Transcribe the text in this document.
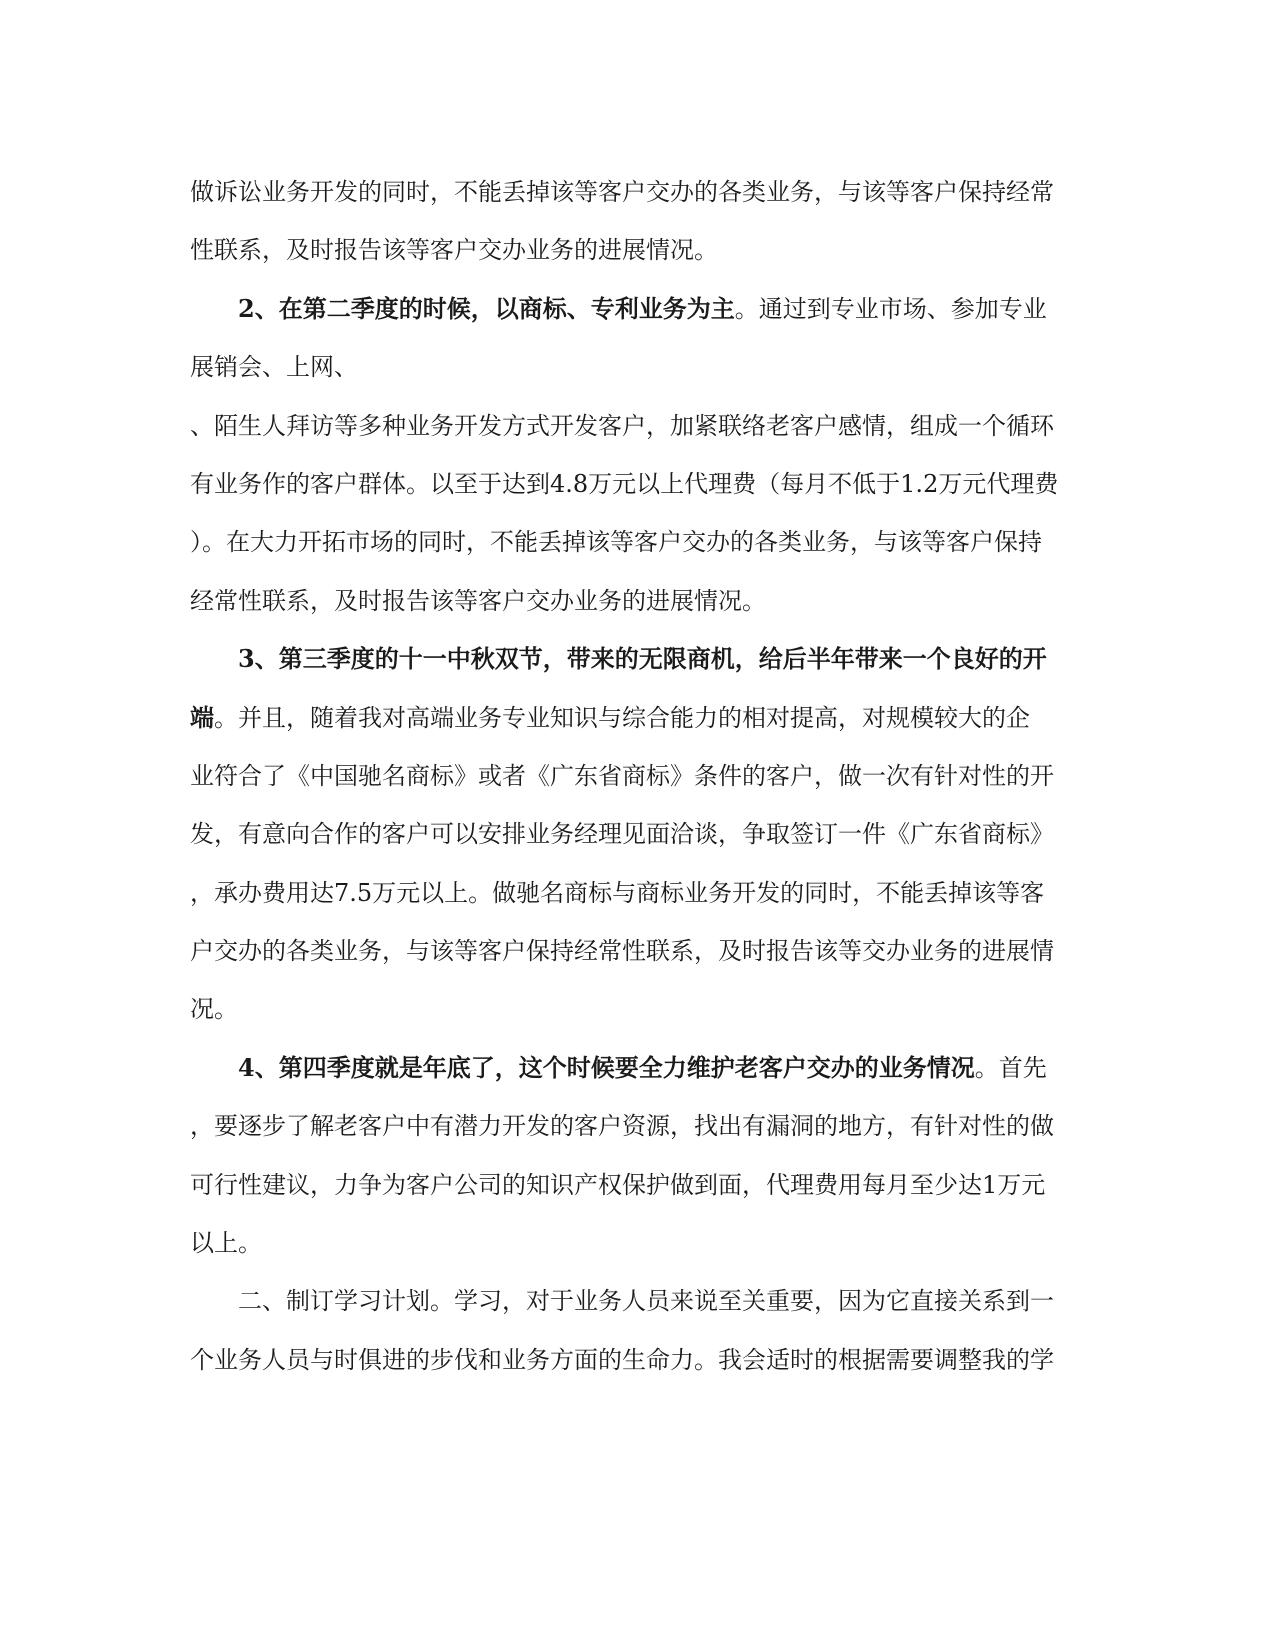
做诉讼业务开发的同时，不能丢掉该等客户交办的各类业务，与该等客户保持经常
性联系，及时报告该等客户交办业务的进展情况。
2、在第二季度的时候，以商标、专利业务为主。通过到专业市场、参加专业
展销会、上网、
、陌生人拜访等多种业务开发方式开发客户，加紧联络老客户感情，组成一个循环
有业务作的客户群体。以至于达到4.8万元以上代理费（每月不低于1.2万元代理费
）。在大力开拓市场的同时，不能丢掉该等客户交办的各类业务，与该等客户保持
经常性联系，及时报告该等客户交办业务的进展情况。
3、第三季度的十一中秋双节，带来的无限商机，给后半年带来一个良好的开
端。并且，随着我对高端业务专业知识与综合能力的相对提高，对规模较大的企
业符合了《中国驰名商标》或者《广东省商标》条件的客户，做一次有针对性的开
发，有意向合作的客户可以安排业务经理见面洽谈，争取签订一件《广东省商标》
，承办费用达7.5万元以上。做驰名商标与商标业务开发的同时，不能丢掉该等客
户交办的各类业务，与该等客户保持经常性联系，及时报告该等交办业务的进展情
况。
4、第四季度就是年底了，这个时候要全力维护老客户交办的业务情况。首先
，要逐步了解老客户中有潜力开发的客户资源，找出有漏洞的地方，有针对性的做
可行性建议，力争为客户公司的知识产权保护做到面，代理费用每月至少达1万元
以上。
二、制订学习计划。学习，对于业务人员来说至关重要，因为它直接关系到一
个业务人员与时俱进的步伐和业务方面的生命力。我会适时的根据需要调整我的学
